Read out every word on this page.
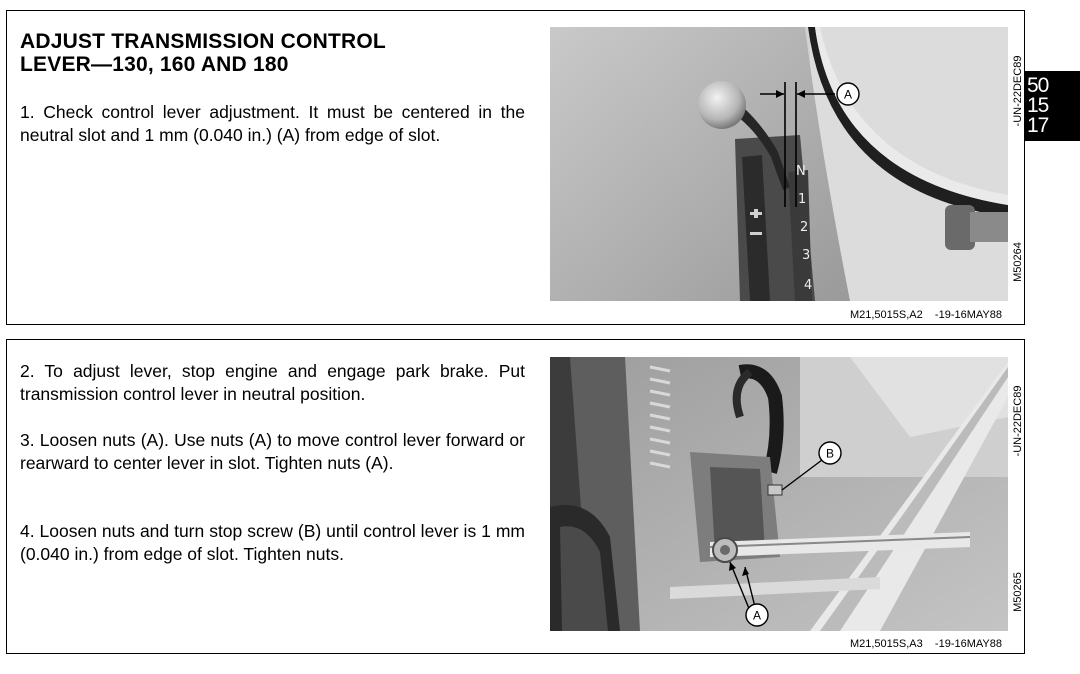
50
15
17
ADJUST TRANSMISSION CONTROL
LEVER—130, 160 AND 180

1. Check control lever adjustment. It must be centered in the neutral slot and 1 mm (0.040 in.) (A) from edge of slot.

N
1
2
3
4
A	-UN-22DEC89
M50264
M21,5015S,A2    -19-16MAY88

2. To adjust lever, stop engine and engage park brake. Put transmission control lever in neutral position.

3. Loosen nuts (A). Use nuts (A) to move control lever forward or rearward to center lever in slot. Tighten nuts (A).

4. Loosen nuts and turn stop screw (B) until control lever is 1 mm (0.040 in.) from edge of slot. Tighten nuts.

B
A
-UN-22DEC89
M50265
M21,5015S,A3    -19-16MAY88
